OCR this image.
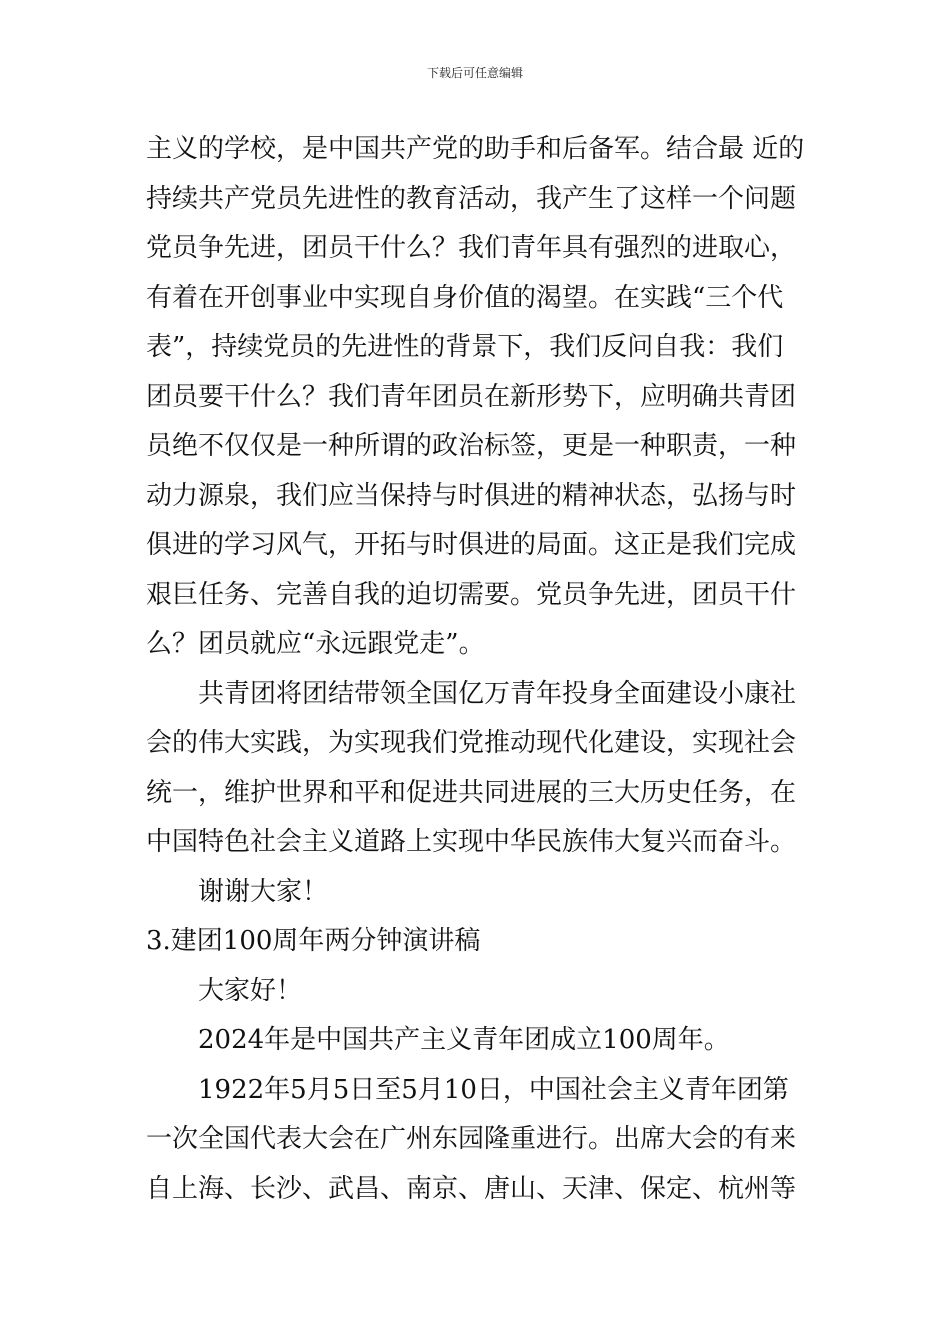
下载后可任意编辑
主义的学校，是中国共产党的助手和后备军。结合最 近的
持续共产党员先进性的教育活动，我产生了这样一个问题
党员争先进，团员干什么？我们青年具有强烈的进取心，
有着在开创事业中实现自身价值的渴望。在实践“三个代
表”，持续党员的先进性的背景下，我们反问自我：我们
团员要干什么？我们青年团员在新形势下，应明确共青团
员绝不仅仅是一种所谓的政治标签，更是一种职责，一种
动力源泉，我们应当保持与时俱进的精神状态，弘扬与时
俱进的学习风气，开拓与时俱进的局面。这正是我们完成
艰巨任务、完善自我的迫切需要。党员争先进，团员干什
么？团员就应“永远跟党走”。
共青团将团结带领全国亿万青年投身全面建设小康社
会的伟大实践，为实现我们党推动现代化建设，实现社会
统一，维护世界和平和促进共同进展的三大历史任务，在
中国特色社会主义道路上实现中华民族伟大复兴而奋斗。
谢谢大家！
3.建团100周年两分钟演讲稿
大家好！
2024年是中国共产主义青年团成立100周年。
1922年5月5日至5月10日，中国社会主义青年团第
一次全国代表大会在广州东园隆重进行。出席大会的有来
自上海、长沙、武昌、南京、唐山、天津、保定、杭州等
